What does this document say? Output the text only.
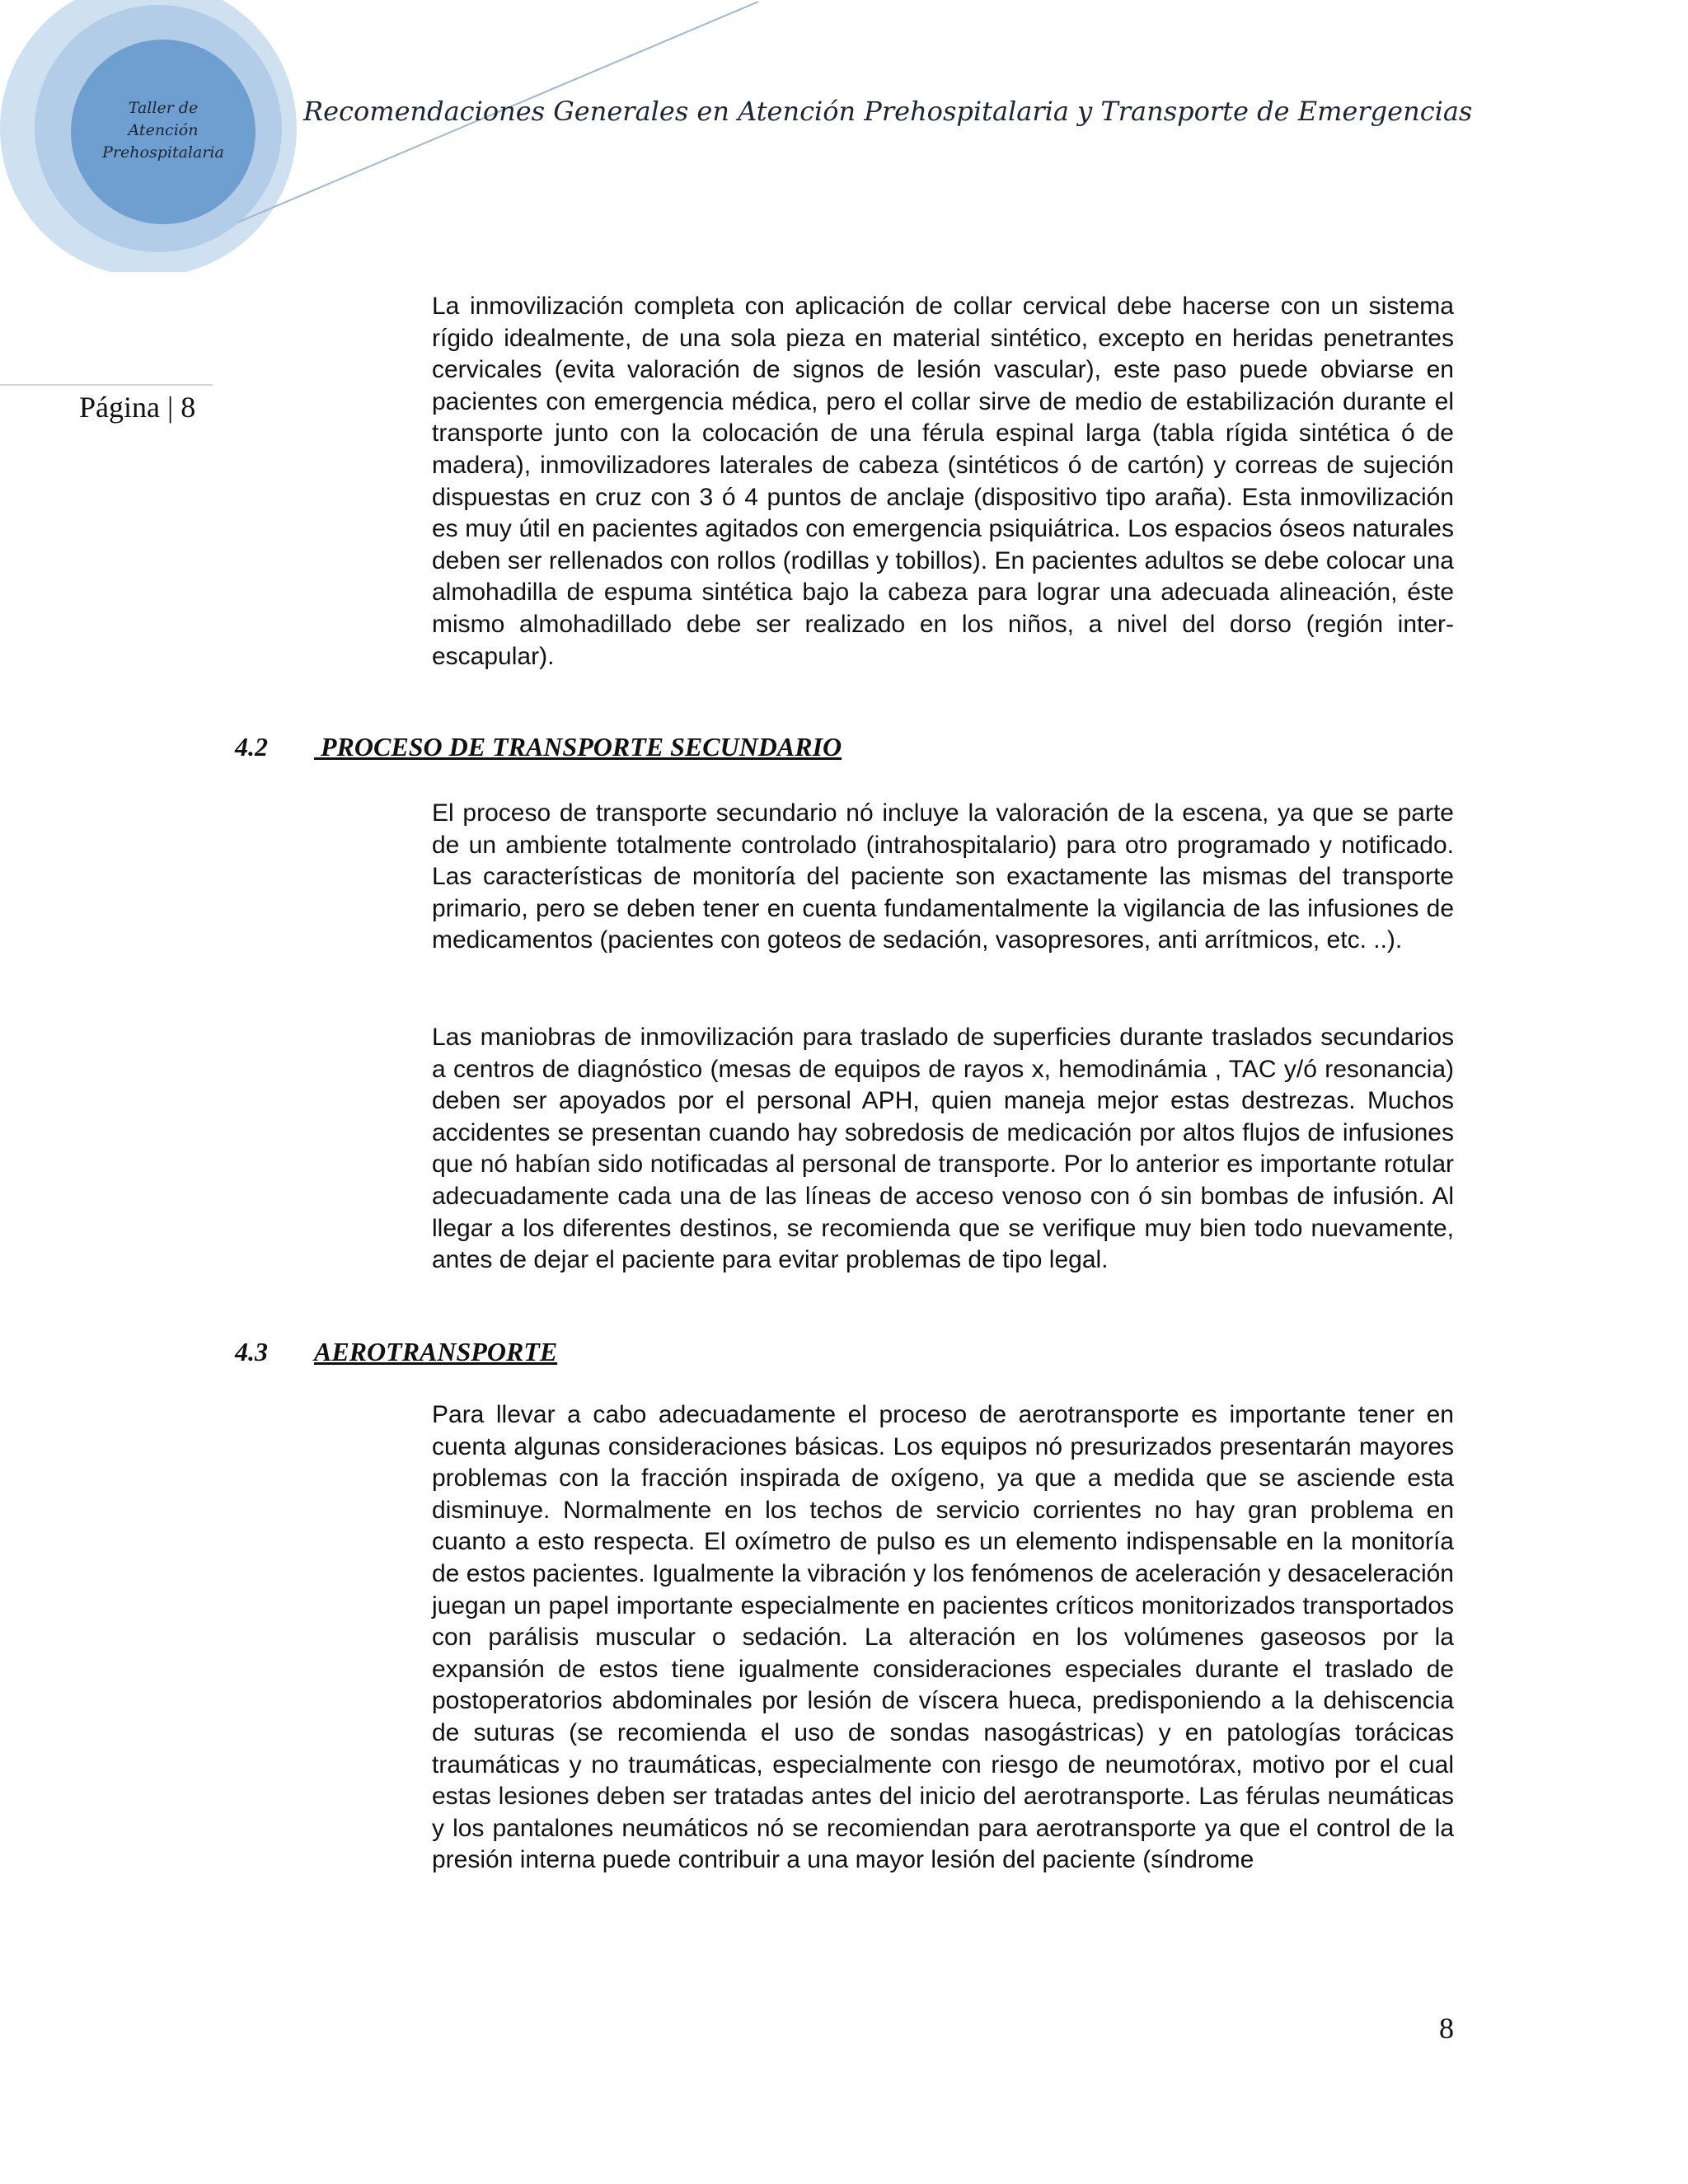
Taller de
Atención
Prehospitalaria
Recomendaciones Generales en Atención Prehospitalaria y Transporte de Emergencias
Página | 8

La inmovilización completa con aplicación de collar cervical debe hacerse con un sistema rígido idealmente, de una sola pieza en material sintético, excepto en heridas penetrantes cervicales (evita valoración de signos de lesión vascular), este paso puede obviarse en pacientes con emergencia médica, pero el collar sirve de medio de estabilización durante el transporte junto con la colocación de una férula espinal larga (tabla rígida sintética ó de madera), inmovilizadores laterales de cabeza (sintéticos ó de cartón) y correas de sujeción dispuestas en cruz con 3 ó 4 puntos de anclaje (dispositivo tipo araña). Esta inmovilización es muy útil en pacientes agitados con emergencia psiquiátrica. Los espacios óseos naturales deben ser rellenados con rollos (rodillas y tobillos). En pacientes adultos se debe colocar una almohadilla de espuma sintética bajo la cabeza para lograr una adecuada alineación, éste mismo almohadillado debe ser realizado en los niños, a nivel del dorso (región inter-escapular).

4.2 PROCESO DE TRANSPORTE SECUNDARIO

El proceso de transporte secundario nó incluye la valoración de la escena, ya que se parte de un ambiente totalmente controlado (intrahospitalario) para otro programado y notificado. Las características de monitoría del paciente son exactamente las mismas del transporte primario, pero se deben tener en cuenta fundamentalmente la vigilancia de las infusiones de medicamentos (pacientes con goteos de sedación, vasopresores, anti arrítmicos, etc. ..).

Las maniobras de inmovilización para traslado de superficies durante traslados secundarios a centros de diagnóstico (mesas de equipos de rayos x, hemodinámia , TAC y/ó resonancia) deben ser apoyados por el personal APH, quien maneja mejor estas destrezas. Muchos accidentes se presentan cuando hay sobredosis de medicación por altos flujos de infusiones que nó habían sido notificadas al personal de transporte. Por lo anterior es importante rotular adecuadamente cada una de las líneas de acceso venoso con ó sin bombas de infusión. Al llegar a los diferentes destinos, se recomienda que se verifique muy bien todo nuevamente, antes de dejar el paciente para evitar problemas de tipo legal.

4.3 AEROTRANSPORTE

Para llevar a cabo adecuadamente el proceso de aerotransporte es importante tener en cuenta algunas consideraciones básicas. Los equipos nó presurizados presentarán mayores problemas con la fracción inspirada de oxígeno, ya que a medida que se asciende esta disminuye. Normalmente en los techos de servicio corrientes no hay gran problema en cuanto a esto respecta. El oxímetro de pulso es un elemento indispensable en la monitoría de estos pacientes. Igualmente la vibración y los fenómenos de aceleración y desaceleración juegan un papel importante especialmente en pacientes críticos monitorizados transportados con parálisis muscular o sedación. La alteración en los volúmenes gaseosos por la expansión de estos tiene igualmente consideraciones especiales durante el traslado de postoperatorios abdominales por lesión de víscera hueca, predisponiendo a la dehiscencia de suturas (se recomienda el uso de sondas nasogástricas) y en patologías torácicas traumáticas y no traumáticas, especialmente con riesgo de neumotórax, motivo por el cual estas lesiones deben ser tratadas antes del inicio del aerotransporte. Las férulas neumáticas y los pantalones neumáticos nó se recomiendan para aerotransporte ya que el control de la presión interna puede contribuir a una mayor lesión del paciente (síndrome

8
